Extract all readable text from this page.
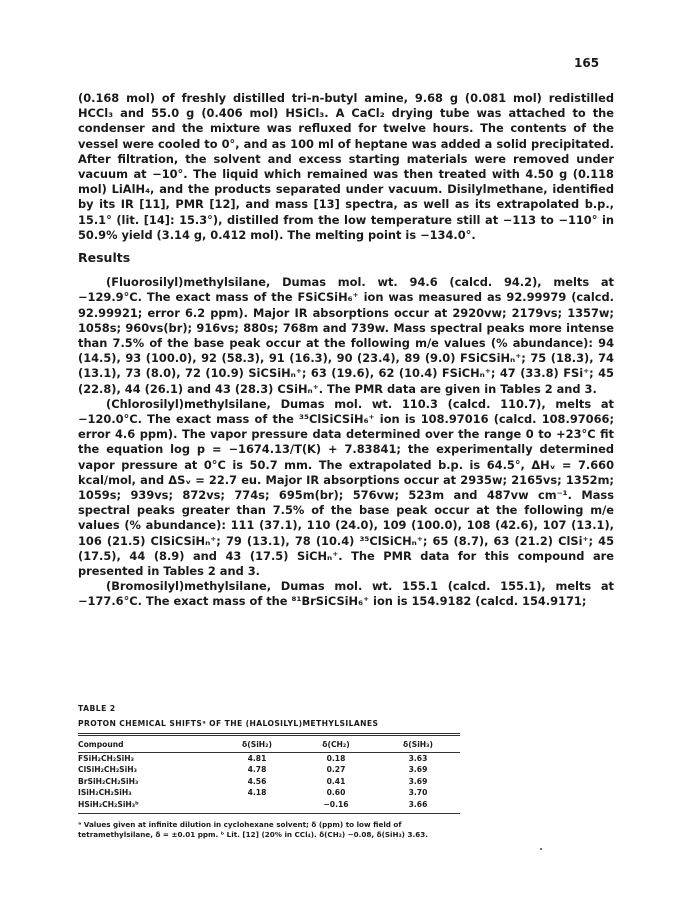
165

(0.168 mol) of freshly distilled tri-n-butyl amine, 9.68 g (0.081 mol) redistilled HCCl₃ and 55.0 g (0.406 mol) HSiCl₃. A CaCl₂ drying tube was attached to the condenser and the mixture was refluxed for twelve hours. The contents of the vessel were cooled to 0°, and as 100 ml of heptane was added a solid precipitated. After filtration, the solvent and excess starting materials were removed under vacuum at −10°. The liquid which remained was then treated with 4.50 g (0.118 mol) LiAlH₄, and the products separated under vacuum. Disilylmethane, identified by its IR [11], PMR [12], and mass [13] spectra, as well as its extrapolated b.p., 15.1° (lit. [14]: 15.3°), distilled from the low temperature still at −113 to −110° in 50.9% yield (3.14 g, 0.412 mol). The melting point is −134.0°.

Results

(Fluorosilyl)methylsilane, Dumas mol. wt. 94.6 (calcd. 94.2), melts at −129.9°C. The exact mass of the FSiCSiH₆⁺ ion was measured as 92.99979 (calcd. 92.99921; error 6.2 ppm). Major IR absorptions occur at 2920vw; 2179vs; 1357w; 1058s; 960vs(br); 916vs; 880s; 768m and 739w. Mass spectral peaks more intense than 7.5% of the base peak occur at the following m/e values (% abundance): 94 (14.5), 93 (100.0), 92 (58.3), 91 (16.3), 90 (23.4), 89 (9.0) FSiCSiHₙ⁺; 75 (18.3), 74 (13.1), 73 (8.0), 72 (10.9) SiCSiHₙ⁺; 63 (19.6), 62 (10.4) FSiCHₙ⁺; 47 (33.8) FSi⁺; 45 (22.8), 44 (26.1) and 43 (28.3) CSiHₙ⁺. The PMR data are given in Tables 2 and 3.

(Chlorosilyl)methylsilane, Dumas mol. wt. 110.3 (calcd. 110.7), melts at −120.0°C. The exact mass of the ³⁵ClSiCSiH₆⁺ ion is 108.97016 (calcd. 108.97066; error 4.6 ppm). The vapor pressure data determined over the range 0 to +23°C fit the equation log p = −1674.13/T(K) + 7.83841; the experimentally determined vapor pressure at 0°C is 50.7 mm. The extrapolated b.p. is 64.5°, ΔHᵥ = 7.660 kcal/mol, and ΔSᵥ = 22.7 eu. Major IR absorptions occur at 2935w; 2165vs; 1352m; 1059s; 939vs; 872vs; 774s; 695m(br); 576vw; 523m and 487vw cm⁻¹. Mass spectral peaks greater than 7.5% of the base peak occur at the following m/e values (% abundance): 111 (37.1), 110 (24.0), 109 (100.0), 108 (42.6), 107 (13.1), 106 (21.5) ClSiCSiHₙ⁺; 79 (13.1), 78 (10.4) ³⁵ClSiCHₙ⁺; 65 (8.7), 63 (21.2) ClSi⁺; 45 (17.5), 44 (8.9) and 43 (17.5) SiCHₙ⁺. The PMR data for this compound are presented in Tables 2 and 3.

(Bromosilyl)methylsilane, Dumas mol. wt. 155.1 (calcd. 155.1), melts at −177.6°C. The exact mass of the ⁸¹BrSiCSiH₆⁺ ion is 154.9182 (calcd. 154.9171;

TABLE 2
PROTON CHEMICAL SHIFTSᵃ OF THE (HALOSILYL)METHYLSILANES
Compound	δ(SiH₂)	δ(CH₂)	δ(SiH₃)

FSiH₂CH₂SiH₃	4.81	0.18	3.63
ClSiH₂CH₂SiH₃	4.78	0.27	3.69
BrSiH₂CH₂SiH₃	4.56	0.41	3.69
ISiH₂CH₂SiH₃	4.18	0.60	3.70
HSiH₂CH₂SiH₃ᵇ		−0.16	3.66
ᵃ Values given at infinite dilution in cyclohexane solvent; δ (ppm) to low field of tetramethylsilane, δ = ±0.01 ppm. ᵇ Lit. [12] (20% in CCl₄). δ(CH₂) −0.08, δ(SiH₃) 3.63.
